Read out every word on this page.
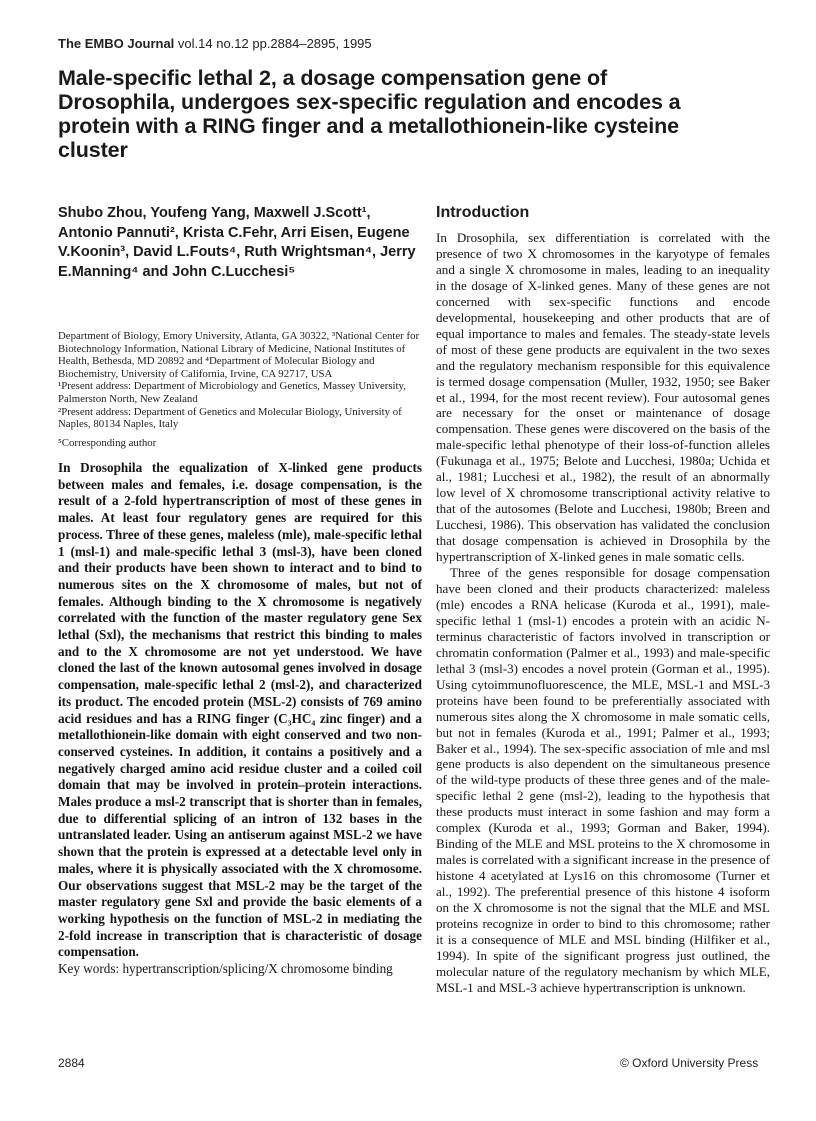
The EMBO Journal vol.14 no.12 pp.2884–2895, 1995
Male-specific lethal 2, a dosage compensation gene of Drosophila, undergoes sex-specific regulation and encodes a protein with a RING finger and a metallothionein-like cysteine cluster
Shubo Zhou, Youfeng Yang, Maxwell J.Scott¹, Antonio Pannuti², Krista C.Fehr, Arri Eisen, Eugene V.Koonin³, David L.Fouts⁴, Ruth Wrightsman⁴, Jerry E.Manning⁴ and John C.Lucchesi⁵

Department of Biology, Emory University, Atlanta, GA 30322, ³National Center for Biotechnology Information, National Library of Medicine, National Institutes of Health, Bethesda, MD 20892 and ⁴Department of Molecular Biology and Biochemistry, University of California, Irvine, CA 92717, USA

¹Present address: Department of Microbiology and Genetics, Massey University, Palmerston North, New Zealand

²Present address: Department of Genetics and Molecular Biology, University of Naples, 80134 Naples, Italy

⁵Corresponding author

In Drosophila the equalization of X-linked gene products between males and females, i.e. dosage compensation, is the result of a 2-fold hypertranscription of most of these genes in males. At least four regulatory genes are required for this process. Three of these genes, maleless (mle), male-specific lethal 1 (msl-1) and male-specific lethal 3 (msl-3), have been cloned and their products have been shown to interact and to bind to numerous sites on the X chromosome of males, but not of females. Although binding to the X chromosome is negatively correlated with the function of the master regulatory gene Sex lethal (Sxl), the mechanisms that restrict this binding to males and to the X chromosome are not yet understood. We have cloned the last of the known autosomal genes involved in dosage compensation, male-specific lethal 2 (msl-2), and characterized its product. The encoded protein (MSL-2) consists of 769 amino acid residues and has a RING finger (C₃HC₄ zinc finger) and a metallothionein-like domain with eight conserved and two non-conserved cysteines. In addition, it contains a positively and a negatively charged amino acid residue cluster and a coiled coil domain that may be involved in protein–protein interactions. Males produce a msl-2 transcript that is shorter than in females, due to differential splicing of an intron of 132 bases in the untranslated leader. Using an antiserum against MSL-2 we have shown that the protein is expressed at a detectable level only in males, where it is physically associated with the X chromosome. Our observations suggest that MSL-2 may be the target of the master regulatory gene Sxl and provide the basic elements of a working hypothesis on the function of MSL-2 in mediating the 2-fold increase in transcription that is characteristic of dosage compensation.

Key words: hypertranscription/splicing/X chromosome binding

Introduction

In Drosophila, sex differentiation is correlated with the presence of two X chromosomes in the karyotype of females and a single X chromosome in males, leading to an inequality in the dosage of X-linked genes. Many of these genes are not concerned with sex-specific functions and encode developmental, housekeeping and other products that are of equal importance to males and females. The steady-state levels of most of these gene products are equivalent in the two sexes and the regulatory mechanism responsible for this equivalence is termed dosage compensation (Muller, 1932, 1950; see Baker et al., 1994, for the most recent review). Four autosomal genes are necessary for the onset or maintenance of dosage compensation. These genes were discovered on the basis of the male-specific lethal phenotype of their loss-of-function alleles (Fukunaga et al., 1975; Belote and Lucchesi, 1980a; Uchida et al., 1981; Lucchesi et al., 1982), the result of an abnormally low level of X chromosome transcriptional activity relative to that of the autosomes (Belote and Lucchesi, 1980b; Breen and Lucchesi, 1986). This observation has validated the conclusion that dosage compensation is achieved in Drosophila by the hypertranscription of X-linked genes in male somatic cells.

Three of the genes responsible for dosage compensation have been cloned and their products characterized: maleless (mle) encodes a RNA helicase (Kuroda et al., 1991), male-specific lethal 1 (msl-1) encodes a protein with an acidic N-terminus characteristic of factors involved in transcription or chromatin conformation (Palmer et al., 1993) and male-specific lethal 3 (msl-3) encodes a novel protein (Gorman et al., 1995). Using cytoimmunofluorescence, the MLE, MSL-1 and MSL-3 proteins have been found to be preferentially associated with numerous sites along the X chromosome in male somatic cells, but not in females (Kuroda et al., 1991; Palmer et al., 1993; Baker et al., 1994). The sex-specific association of mle and msl gene products is also dependent on the simultaneous presence of the wild-type products of these three genes and of the male-specific lethal 2 gene (msl-2), leading to the hypothesis that these products must interact in some fashion and may form a complex (Kuroda et al., 1993; Gorman and Baker, 1994). Binding of the MLE and MSL proteins to the X chromosome in males is correlated with a significant increase in the presence of histone 4 acetylated at Lys16 on this chromosome (Turner et al., 1992). The preferential presence of this histone 4 isoform on the X chromosome is not the signal that the MLE and MSL proteins recognize in order to bind to this chromosome; rather it is a consequence of MLE and MSL binding (Hilfiker et al., 1994). In spite of the significant progress just outlined, the molecular nature of the regulatory mechanism by which MLE, MSL-1 and MSL-3 achieve hypertranscription is unknown.

2884	© Oxford University Press
